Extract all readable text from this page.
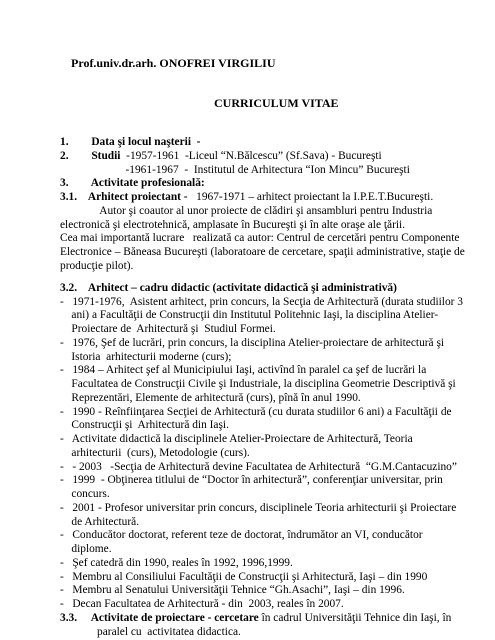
Prof.univ.dr.arh. ONOFREI VIRGILIU
CURRICULUM VITAE
1.        Data şi locul naşterii  -
2.        Studii  -1957-1961  -Liceul “N.Bălcescu” (Sf.Sava) - Bucureşti
-1961-1967  -  Institutul de Arhitectura “Ion Mincu” Bucureşti
3.        Activitate profesională:
3.1.    Arhitect proiectant -   1967-1971 – arhitect proiectant la I.P.E.T.Bucureşti.
Autor şi coautor al unor proiecte de clădiri şi ansambluri pentru Industria
electronică şi electrotehnică, amplasate în Bucureşti şi în alte oraşe ale ţării.
Cea mai importantă lucrare   realizată ca autor: Centrul de cercetări pentru Componente
Electronice – Băneasa Bucureşti (laboratoare de cercetare, spaţii administrative, staţie de
producţie pilot).
3.2.    Arhitect – cadru didactic (activitate didactică şi administrativă)
-   1971-1976,  Asistent arhitect, prin concurs, la Secţia de Arhitectură (durata studiilor 3
ani) a Facultăţii de Construcţii din Institutul Politehnic Iaşi, la disciplina Atelier-
Proiectare de  Arhitectură şi  Studiul Formei.
-   1976, Şef de lucrări, prin concurs, la disciplina Atelier-proiectare de arhitectură şi
Istoria  arhitecturii moderne (curs);
-   1984 – Arhitect şef al Municipiului Iaşi, activînd în paralel ca şef de lucrări la
Facultatea de Construcţii Civile şi Industriale, la disciplina Geometrie Descriptivă şi
Reprezentări, Elemente de arhitectură (curs), pînă în anul 1990.
-   1990 - Reînfiinţarea Secţiei de Arhitectură (cu durata studiilor 6 ani) a Facultăţii de
Construcţii şi  Arhitectură din Iaşi.
-   Activitate didactică la disciplinele Atelier-Proiectare de Arhitectură, Teoria
arhitecturii  (curs), Metodologie (curs).
-   - 2003   -Secţia de Arhitectură devine Facultatea de Arhitectură  “G.M.Cantacuzino”
-   1999  - Obţinerea titlului de “Doctor în arhitectură”, conferenţiar universitar, prin
concurs.
-   2001 - Profesor universitar prin concurs, disciplinele Teoria arhitecturii şi Proiectare
de Arhitectură.
-   Conducător doctorat, referent teze de doctorat, îndrumător an VI, conducător
diplome.
-   Şef catedră din 1990, reales în 1992, 1996,1999.
-   Membru al Consiliului Facultăţii de Construcţii şi Arhitectură, Iaşi – din 1990
-   Membru al Senatului Universităţii Tehnice “Gh.Asachi”, Iaşi – din 1996.
-   Decan Facultatea de Arhitectură - din  2003, reales în 2007.
3.3.     Activitate de proiectare - cercetare în cadrul Universităţii Tehnice din Iaşi, în
paralel cu  activitatea didactica.
